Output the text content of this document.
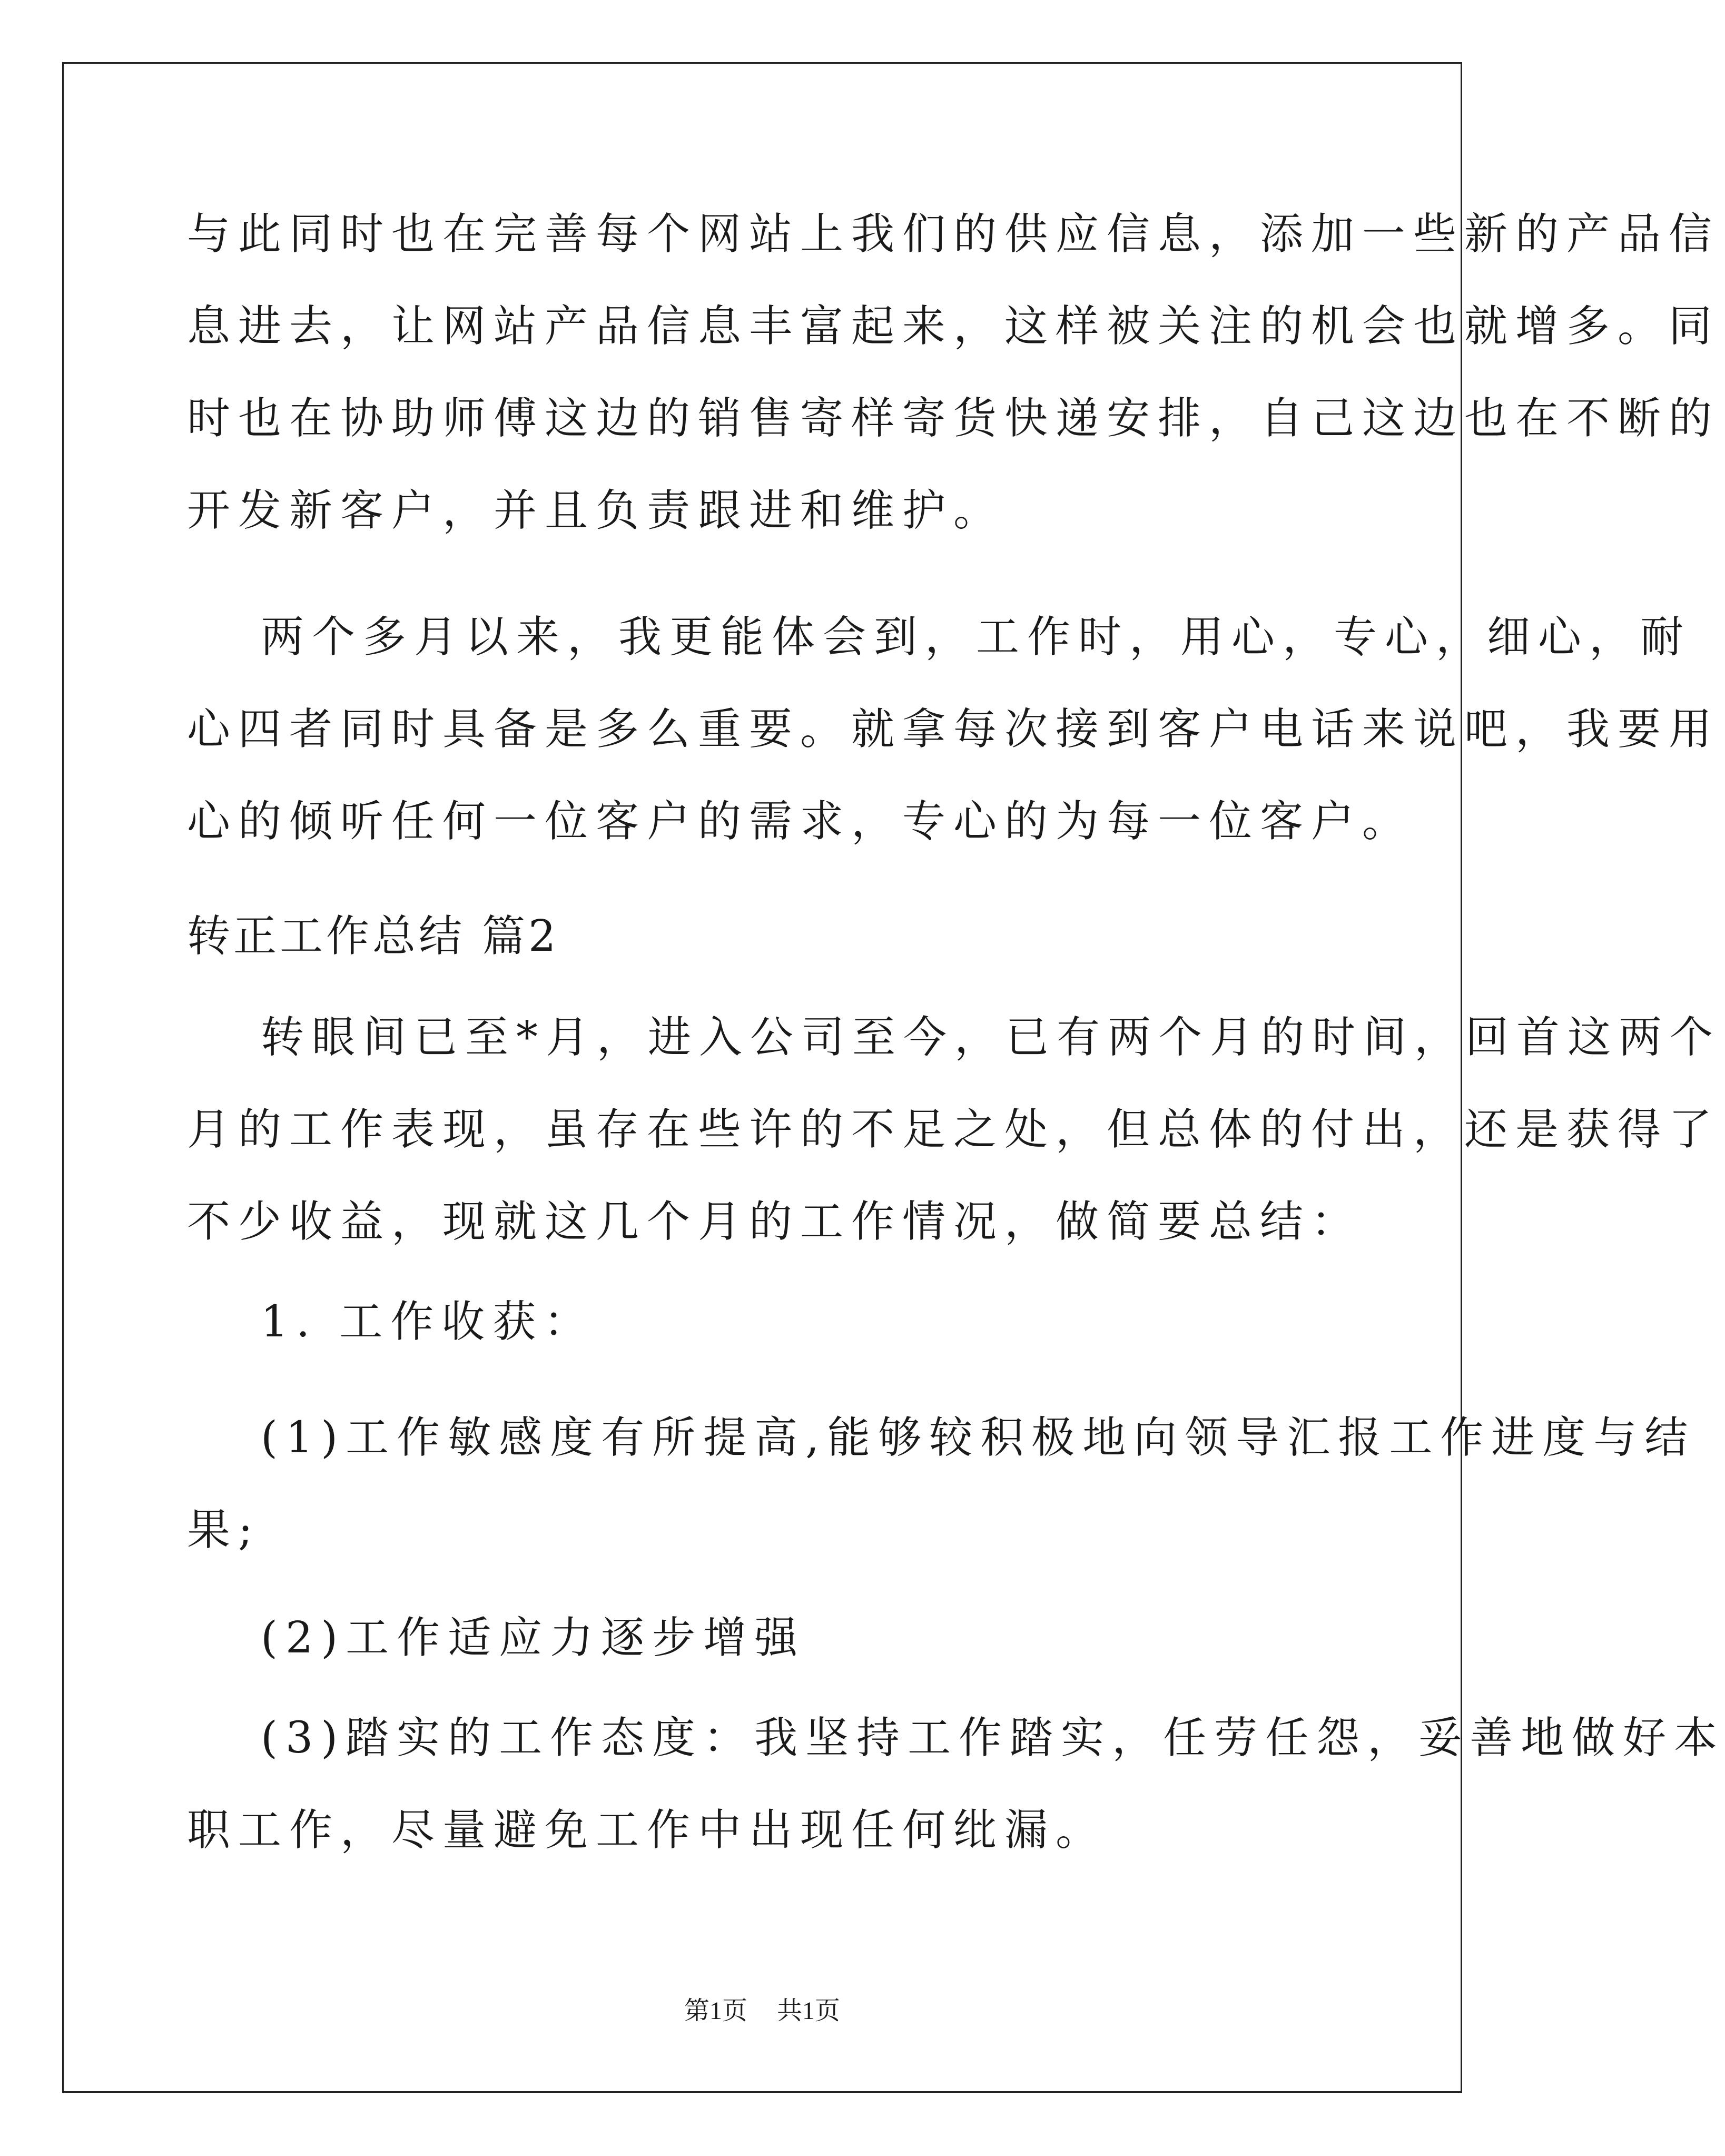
与此同时也在完善每个网站上我们的供应信息，添加一些新的产品信
息进去，让网站产品信息丰富起来，这样被关注的机会也就增多。同
时也在协助师傅这边的销售寄样寄货快递安排，自己这边也在不断的
开发新客户，并且负责跟进和维护。
两个多月以来，我更能体会到，工作时，用心，专心，细心，耐
心四者同时具备是多么重要。就拿每次接到客户电话来说吧，我要用
心的倾听任何一位客户的需求，专心的为每一位客户。
转正工作总结 篇2
转眼间已至*月，进入公司至今，已有两个月的时间，回首这两个
月的工作表现，虽存在些许的不足之处，但总体的付出，还是获得了
不少收益，现就这几个月的工作情况，做简要总结：
1. 工作收获：
(1)工作敏感度有所提高,能够较积极地向领导汇报工作进度与结
果;
(2)工作适应力逐步增强
(3)踏实的工作态度：我坚持工作踏实，任劳任怨，妥善地做好本
职工作，尽量避免工作中出现任何纰漏。
第1页 共1页
